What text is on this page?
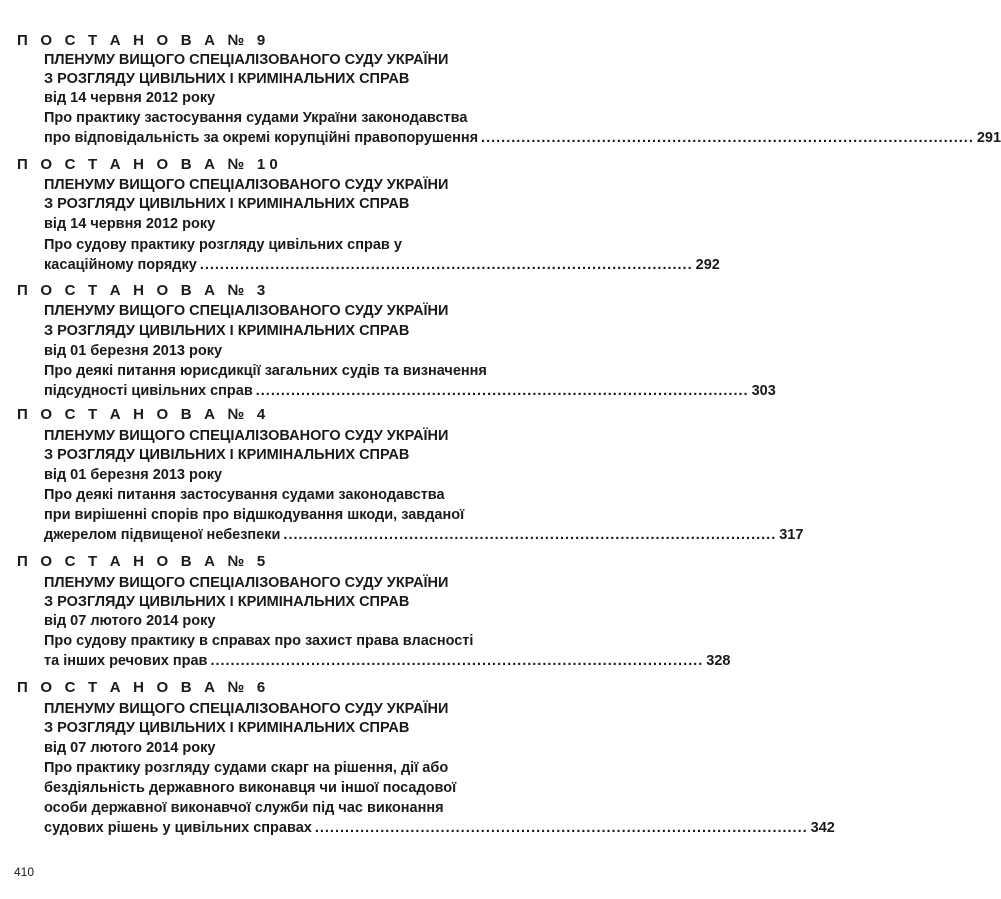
П О С Т А Н О В А № 9
ПЛЕНУМУ ВИЩОГО СПЕЦІАЛІЗОВАНОГО СУДУ УКРАЇНИ
З РОЗГЛЯДУ ЦИВІЛЬНИХ І КРИМІНАЛЬНИХ СПРАВ
від 14 червня 2012 року
Про практику застосування судами України законодавства
про відповідальність за окремі корупційні правопорушення .................................................................................................. 291
П О С Т А Н О В А № 10
ПЛЕНУМУ ВИЩОГО СПЕЦІАЛІЗОВАНОГО СУДУ УКРАЇНИ
З РОЗГЛЯДУ ЦИВІЛЬНИХ І КРИМІНАЛЬНИХ СПРАВ
від 14 червня 2012 року
Про судову практику розгляду цивільних справ у
касаційному порядку .................................................................................................. 292
П О С Т А Н О В А № 3
ПЛЕНУМУ ВИЩОГО СПЕЦІАЛІЗОВАНОГО СУДУ УКРАЇНИ
З РОЗГЛЯДУ ЦИВІЛЬНИХ І КРИМІНАЛЬНИХ СПРАВ
від 01 березня 2013 року
Про деякі питання юрисдикції загальних судів та визначення
підсудності цивільних справ .................................................................................................. 303
П О С Т А Н О В А № 4
ПЛЕНУМУ ВИЩОГО СПЕЦІАЛІЗОВАНОГО СУДУ УКРАЇНИ
З РОЗГЛЯДУ ЦИВІЛЬНИХ І КРИМІНАЛЬНИХ СПРАВ
від 01 березня 2013 року
Про деякі питання застосування судами законодавства
при вирішенні спорів про відшкодування шкоди, завданої
джерелом підвищеної небезпеки .................................................................................................. 317
П О С Т А Н О В А № 5
ПЛЕНУМУ ВИЩОГО СПЕЦІАЛІЗОВАНОГО СУДУ УКРАЇНИ
З РОЗГЛЯДУ ЦИВІЛЬНИХ І КРИМІНАЛЬНИХ СПРАВ
від 07 лютого 2014 року
Про судову практику в справах про захист права власності
та інших речових прав .................................................................................................. 328
П О С Т А Н О В А № 6
ПЛЕНУМУ ВИЩОГО СПЕЦІАЛІЗОВАНОГО СУДУ УКРАЇНИ
З РОЗГЛЯДУ ЦИВІЛЬНИХ І КРИМІНАЛЬНИХ СПРАВ
від 07 лютого 2014 року
Про практику розгляду судами скарг на рішення, дії або
бездіяльність державного виконавця чи іншої посадової
особи державної виконавчої служби під час виконання
судових рішень у цивільних справах .................................................................................................. 342
410
